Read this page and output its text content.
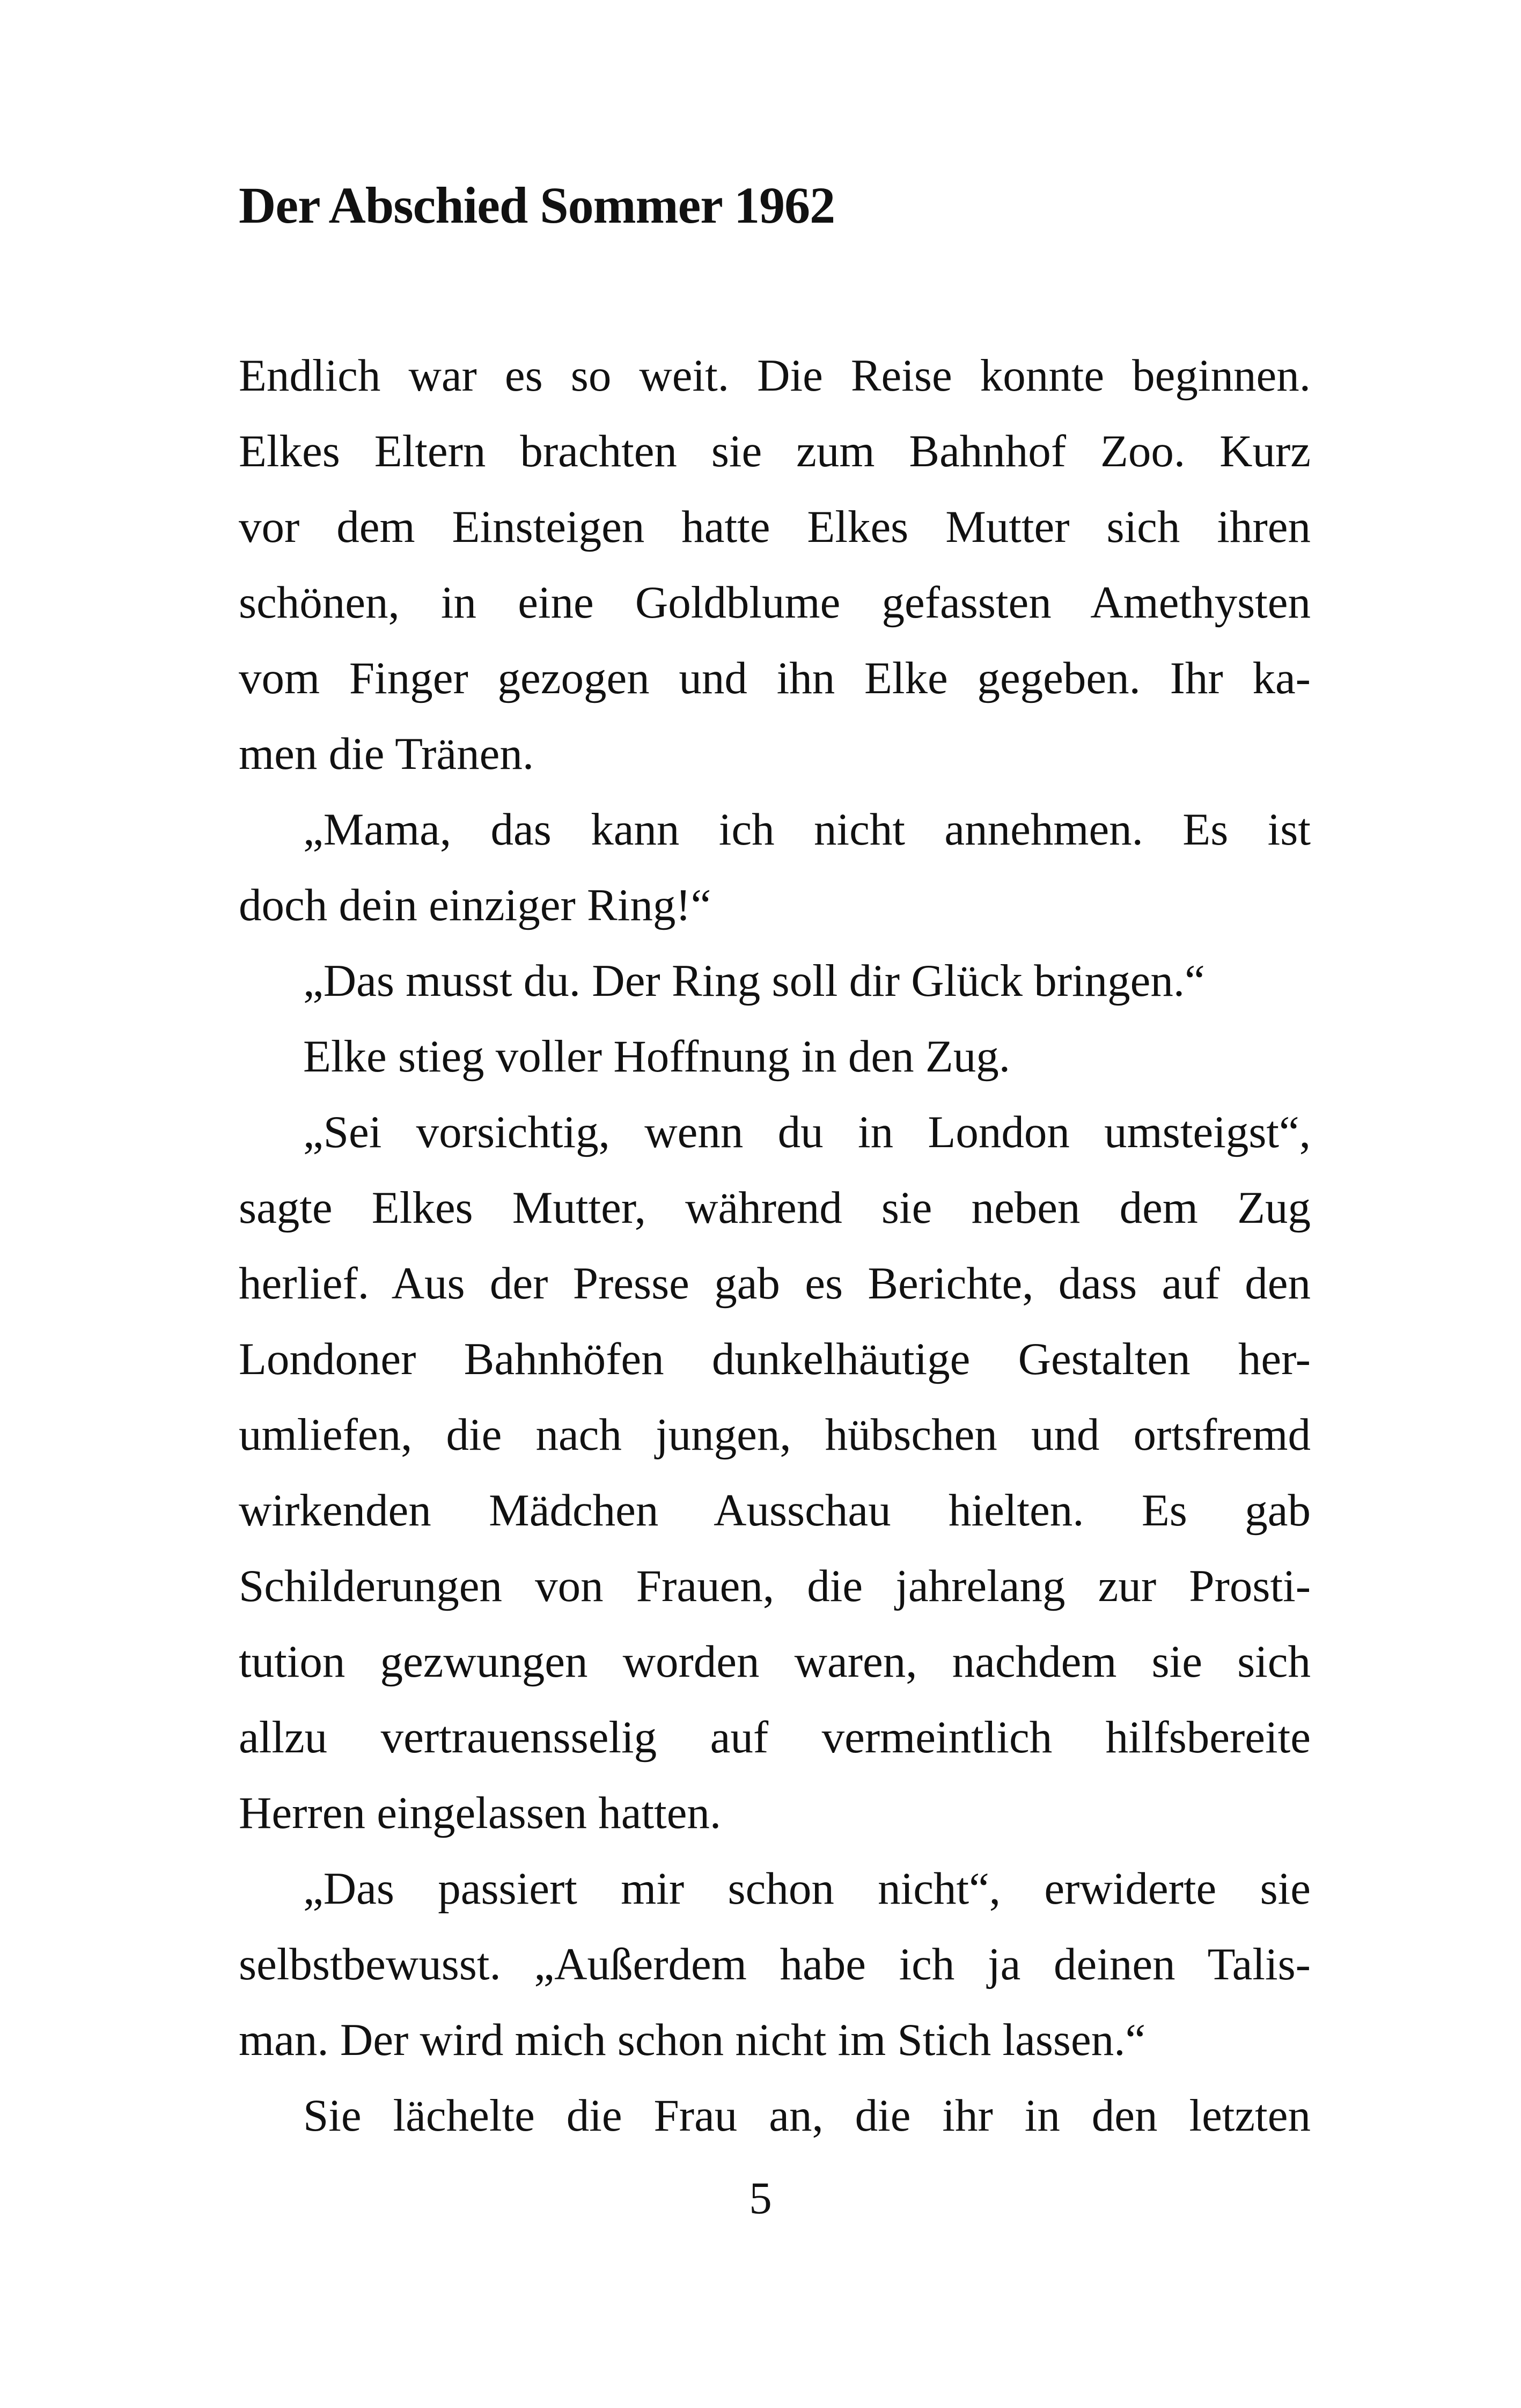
Der Abschied Sommer 1962
Endlich war es so weit. Die Reise konnte beginnen.
Elkes Eltern brachten sie zum Bahnhof Zoo. Kurz
vor dem Einsteigen hatte Elkes Mutter sich ihren
schönen, in eine Goldblume gefassten Amethysten
vom Finger gezogen und ihn Elke gegeben. Ihr ka-
men die Tränen.
„Mama, das kann ich nicht annehmen. Es ist
doch dein einziger Ring!“
„Das musst du. Der Ring soll dir Glück bringen.“
Elke stieg voller Hoffnung in den Zug.
„Sei vorsichtig, wenn du in London umsteigst“,
sagte Elkes Mutter, während sie neben dem Zug
herlief. Aus der Presse gab es Berichte, dass auf den
Londoner Bahnhöfen dunkelhäutige Gestalten her-
umliefen, die nach jungen, hübschen und ortsfremd
wirkenden Mädchen Ausschau hielten. Es gab
Schilderungen von Frauen, die jahrelang zur Prosti-
tution gezwungen worden waren, nachdem sie sich
allzu vertrauensselig auf vermeintlich hilfsbereite
Herren eingelassen hatten.
„Das passiert mir schon nicht“, erwiderte sie
selbstbewusst. „Außerdem habe ich ja deinen Talis-
man. Der wird mich schon nicht im Stich lassen.“
Sie lächelte die Frau an, die ihr in den letzten
5
